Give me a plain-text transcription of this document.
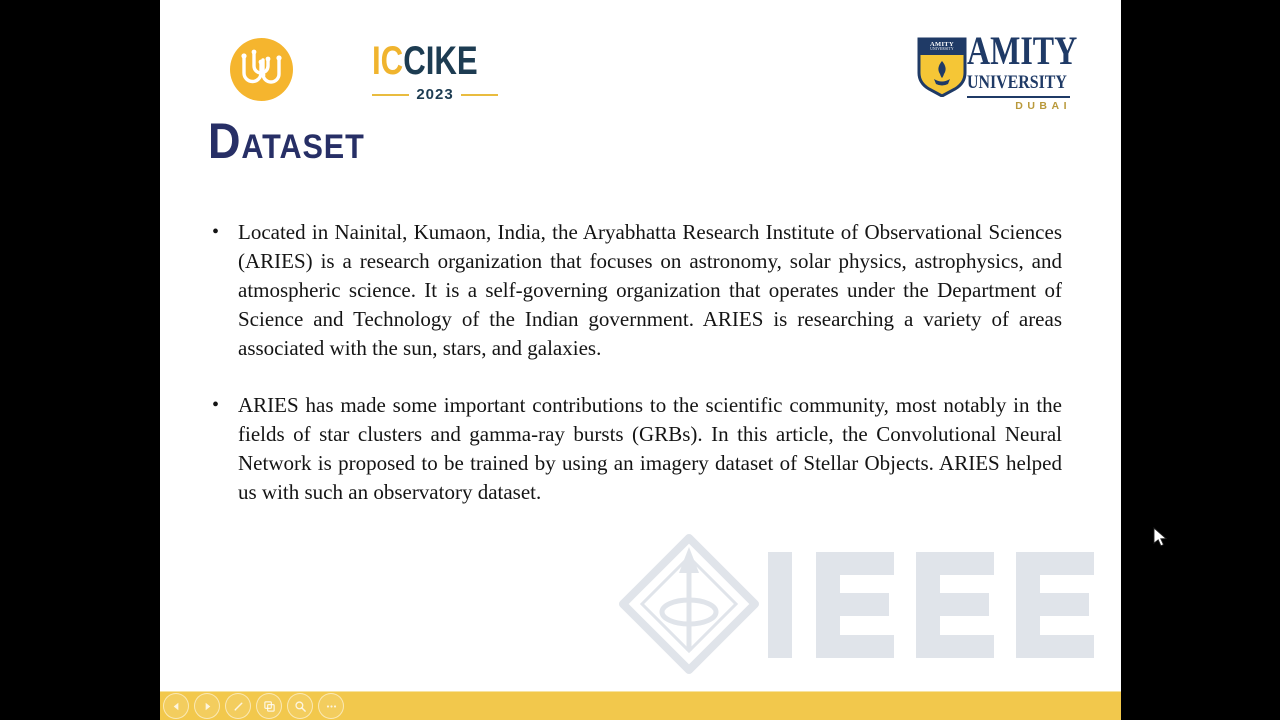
ICCIKE
2023
AMITY
UNIVERSITY AMITY
UNIVERSITY
DUBAI
DATASET
• Located in Nainital, Kumaon, India, the Aryabhatta Research Institute of Observational Sciences (ARIES) is a research organization that focuses on astronomy, solar physics, astrophysics, and atmospheric science. It is a self-governing organization that operates under the Department of Science and Technology of the Indian government. ARIES is researching a variety of areas associated with the sun, stars, and galaxies.
• ARIES has made some important contributions to the scientific community, most notably in the fields of star clusters and gamma-ray bursts (GRBs). In this article, the Convolutional Neural Network is proposed to be trained by using an imagery dataset of Stellar Objects. ARIES helped us with such an observatory dataset.
